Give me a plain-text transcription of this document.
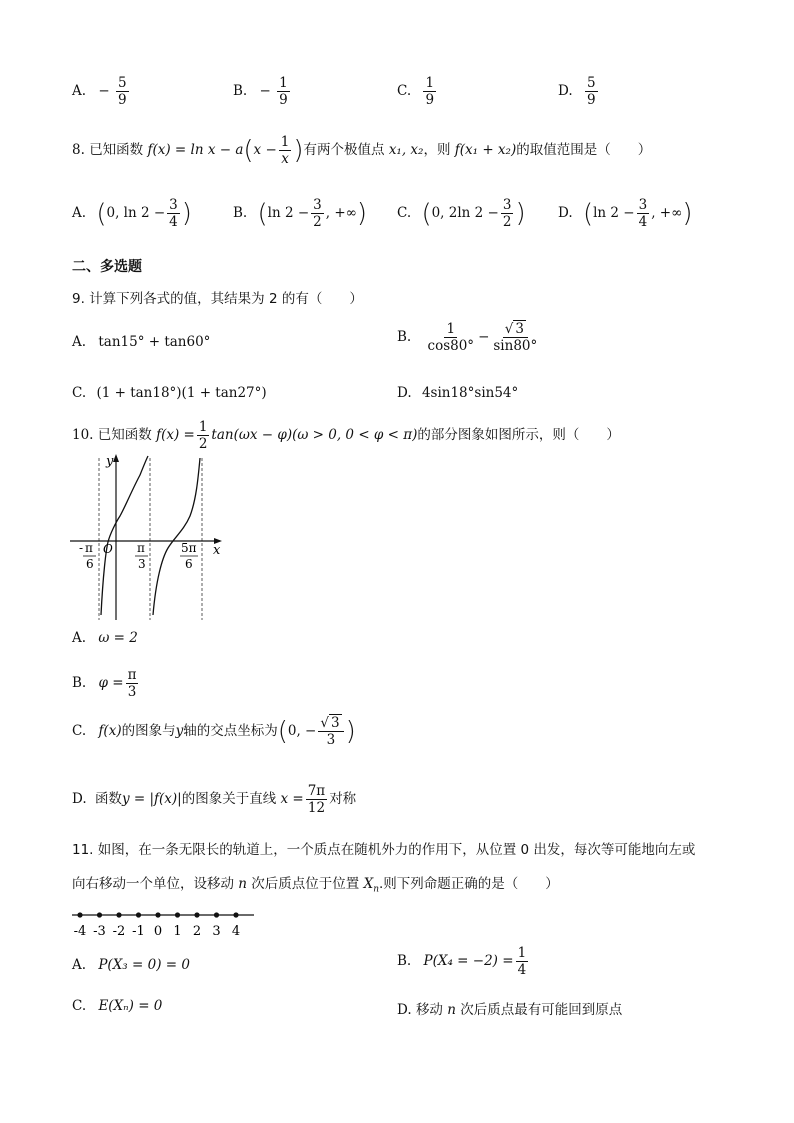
A. − $\frac{5}{9}$	B. − $\frac{1}{9}$	C. $\frac{1}{9}$	D. $\frac{5}{9}$
8. 已知函数 $f(x) = \ln x - a(x - \frac{1}{x}$ )有两个极值点 x₁, x₂，则 f(x₁ + x₂)的取值范围是（　　）
A. (0, $\ln 2 - \frac{3}{4}$ )	B. (ln $2 - \frac{3}{2}$ , +∞) C. (0, 2ln $2 - \frac{3}{2}$ ) D. (ln $2 - \frac{3}{4}$ , +∞)
二、多选题
9. 计算下列各式的值，其结果为 2 的有（　　）
A. tan15° + tan60°	B. $\frac{1}{\cos 80^\circ} - \frac{√ 3}{\sin 80^\circ}$
C. (1 + tan18°)(1 + tan27°)	D. 4sin18°sin54°
10. 已知函数 $f(x) = \frac{1}{2} \tan(\omega x - \varphi)(\omega > 0$, 0 < φ < π)的部分图象如图所示，则（　　）
y
x
O
- π
6
π
3
5π
6
A. ω = 2
B. $\varphi = \frac{\pi}{3}$
C. f(x)的图象与y轴的交点坐标为(0, − $\frac{√ 3}{3}$ )
D. 函数y = |f(x)|的图象关于直线 $x = \frac{7\pi}{12}$ 对称
11. 如图，在一条无限长的轨道上，一个质点在随机外力的作用下，从位置 0 出发，每次等可能地向左或
向右移动一个单位，设移动 n 次后质点位于位置 $X_n$.则下列命题正确的是（　　）
-4 -3 -2 -1 0 1 2 3 4
A. P(X₃ = 0) = 0	B. $P(X_4 = -2) = \frac{1}{4}$
C. E(Xₙ) = 0	D. 移动 n 次后质点最有可能回到原点
